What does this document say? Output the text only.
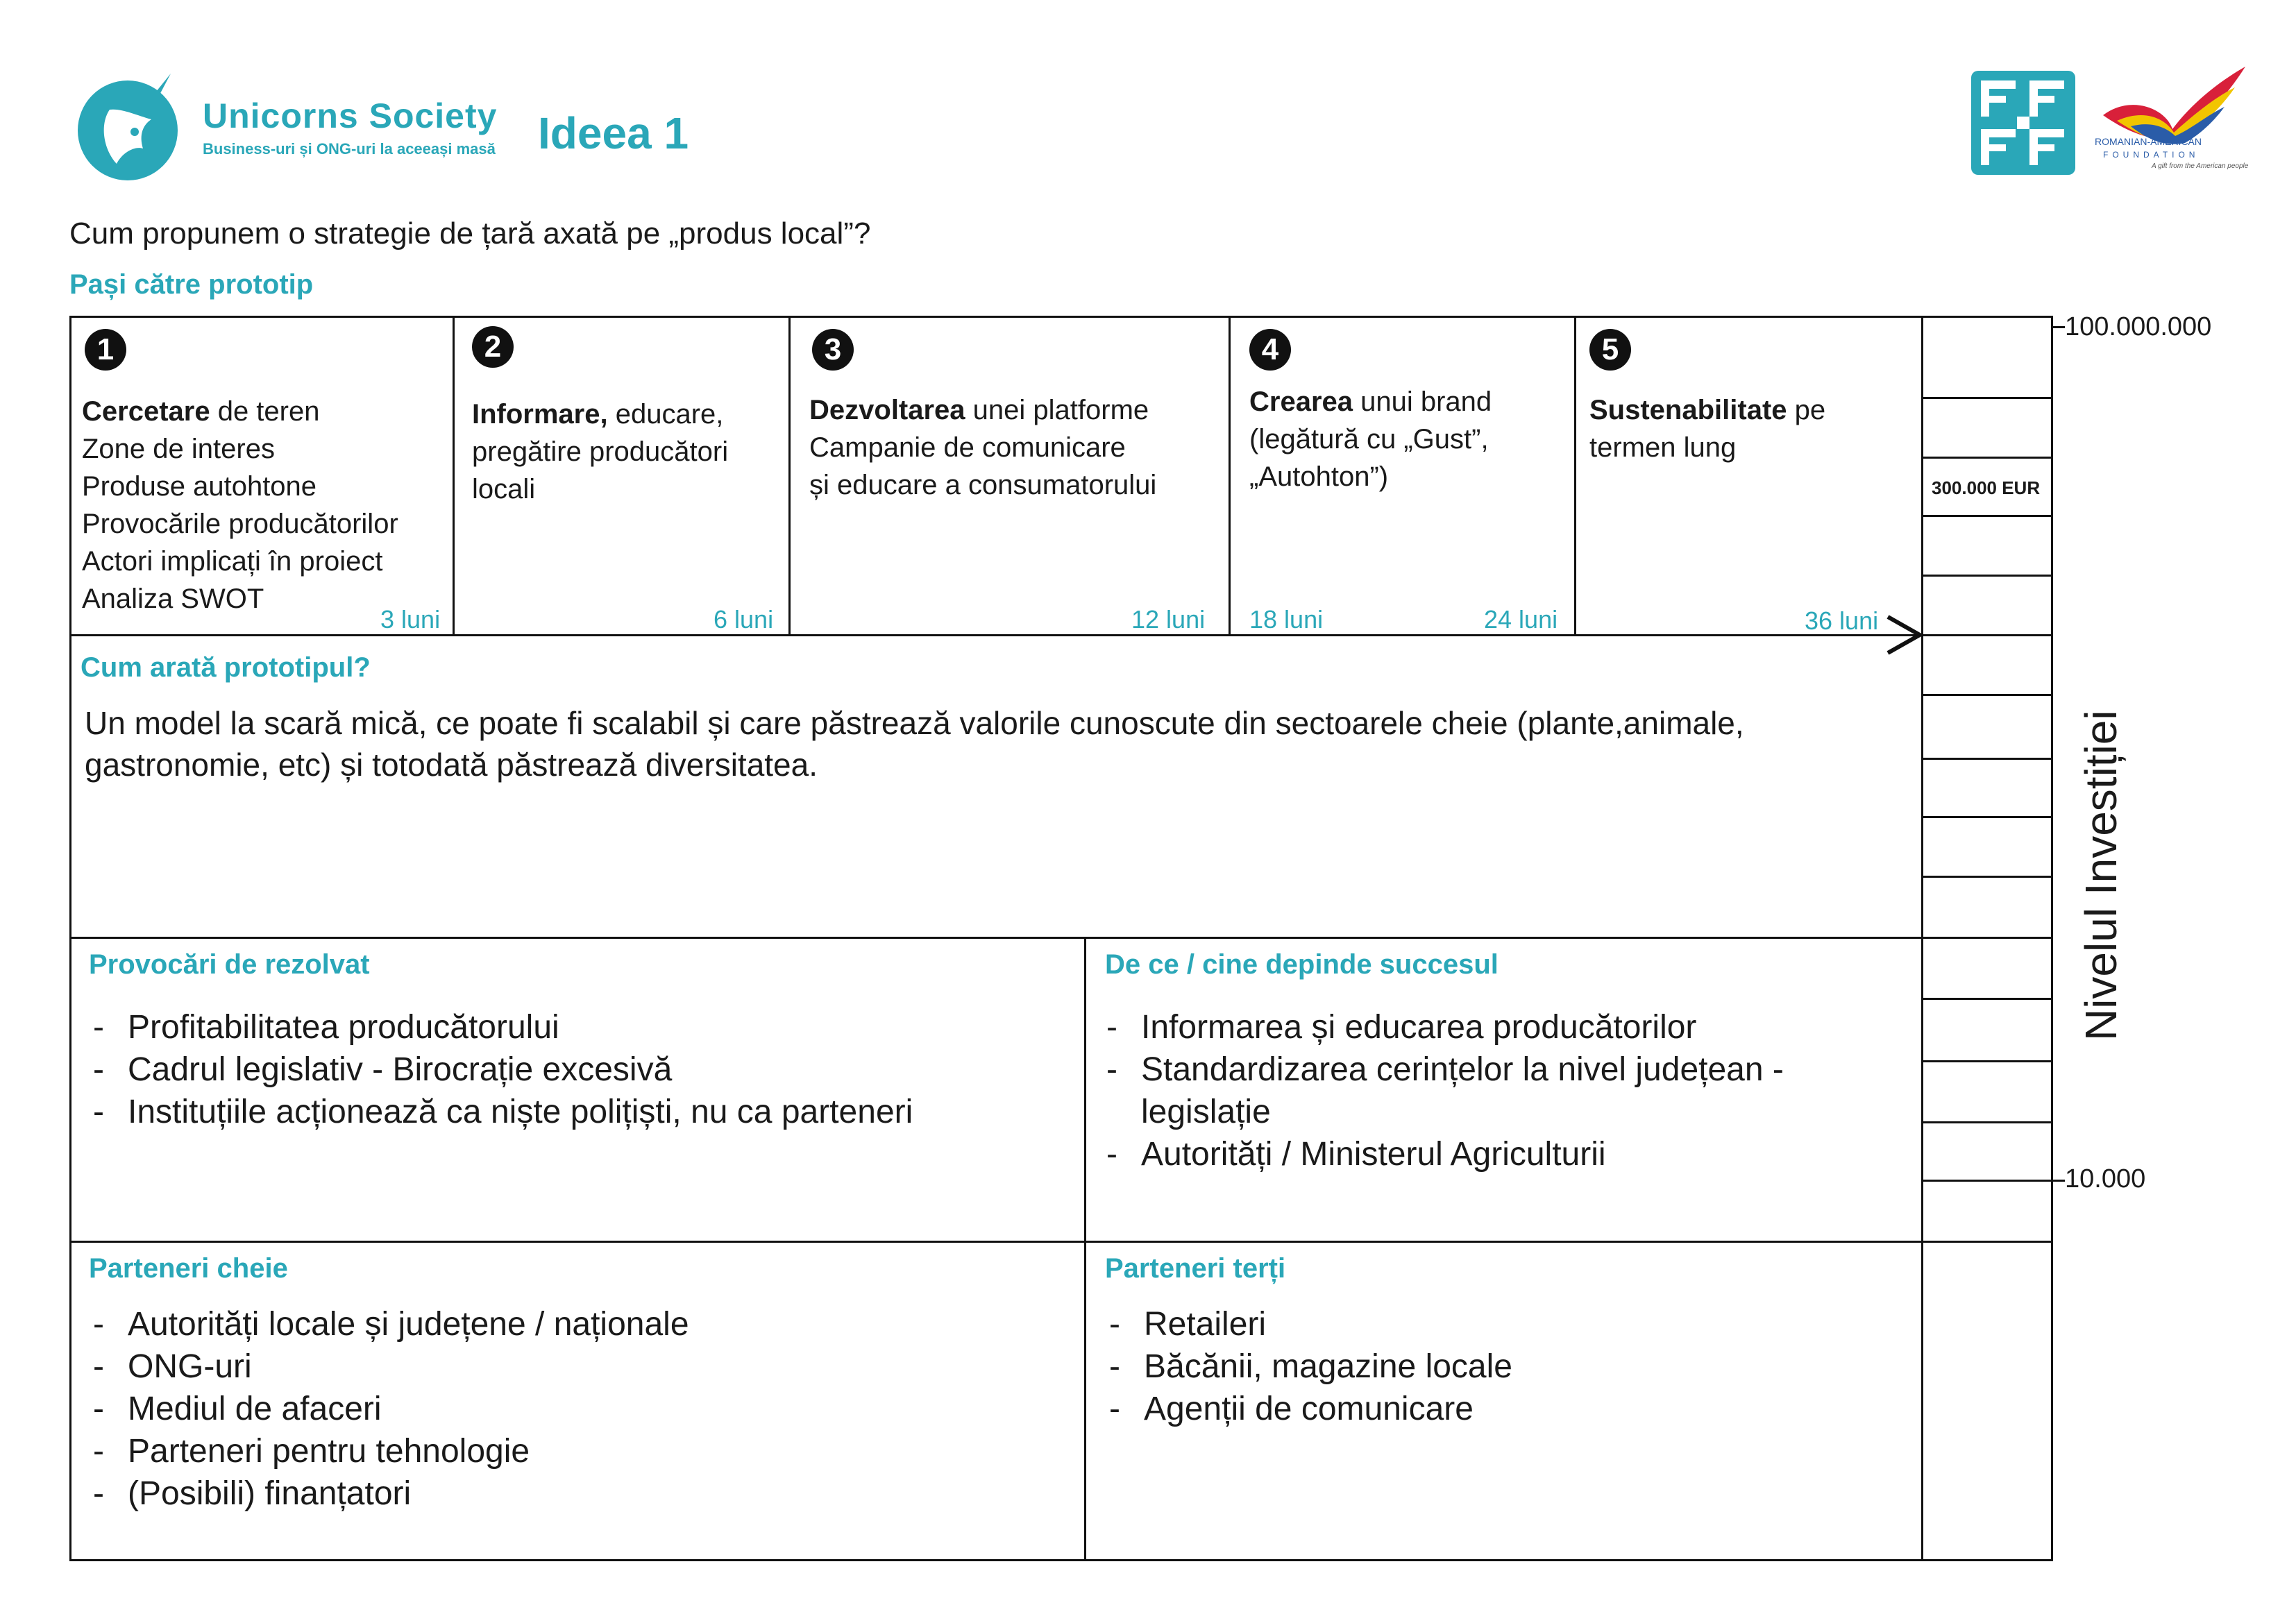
Unicorns Society
Business-uri și ONG-uri la aceeași masă Ideea 1	ROMANIAN-AMERICAN
FOUNDATION
A gift from the American people
Cum propunem o strategie de țară axată pe „produs local”?
Pași către prototip
1
Cercetare de teren
Zone de interes
Produse autohtone
Provocările producătorilor
Actori implicați în proiect
Analiza SWOT
3 luni
2
Informare, educare,
pregătire producători
locali
6 luni
3
Dezvoltarea unei platforme
Campanie de comunicare
și educare a consumatorului
12 luni
4
Crearea unui brand
(legătură cu „Gust”,
„Autohton”)
18 luni	24 luni
5
Sustenabilitate pe
termen lung
36 luni
Cum arată prototipul?
Un model la scară mică, ce poate fi scalabil și care păstrează valorile cunoscute din sectoarele cheie (plante,animale, gastronomie, etc) și totodată păstrează diversitatea.
Provocări de rezolvat
- Profitabilitatea producătorului
- Cadrul legislativ - Birocrație excesivă
- Instituțiile acționează ca niște polițiști, nu ca parteneri
De ce / cine depinde succesul
- Informarea și educarea producătorilor
- Standardizarea cerințelor la nivel județean -
legislație
- Autorități / Ministerul Agriculturii
Parteneri cheie
- Autorități locale și județene / naționale
- ONG-uri
- Mediul de afaceri
- Parteneri pentru tehnologie
- (Posibili) finanțatori
Parteneri terți
- Retaileri
- Băcănii, magazine locale
- Agenții de comunicare
100.000.000
10.000
300.000 EUR
Nivelul Investiției
